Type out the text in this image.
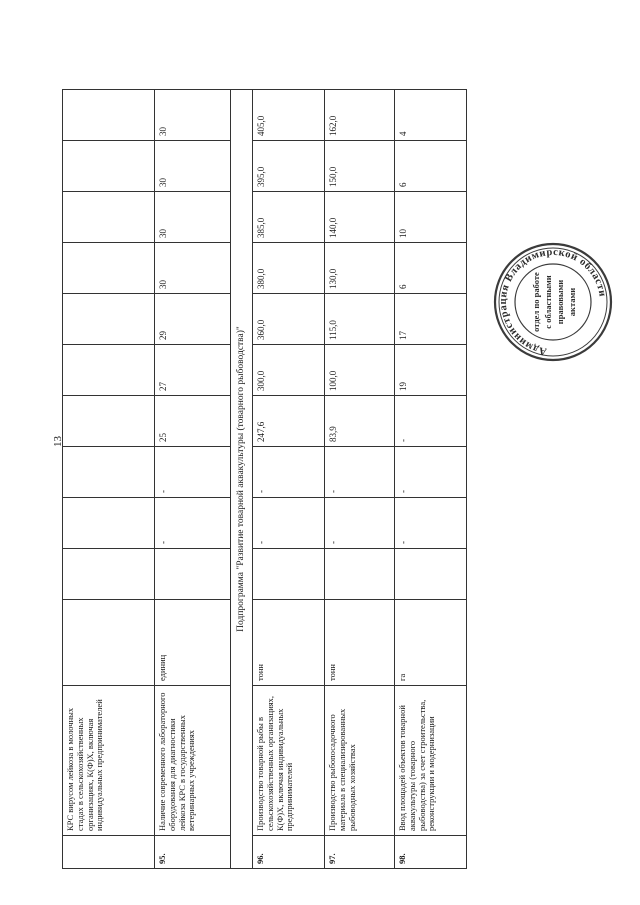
13
	КРС вирусом лейкоза в молочных стадах в сельскохозяйственных организациях, К(Ф)Х, включая индивидуальных предпринимателей											
95.	Наличие современного лабораторного оборудования для диагностики лейкоза КРС в государственных ветеринарных учреждениях	единиц		-	-	25	27	29	30	30	30	30
Подпрограмма "Развитие товарной аквакультуры (товарного рыбоводства)"												
96.	Производство товарной рыбы в сельскохозяйственных организациях, К(Ф)Х, включая индивидуальных предпринимателей	тонн		-	-	247,6	300,0	360,0	380,0	385,0	395,0	405,0
97.	Производство рыбопосадочного материала в специализированных рыбоводных хозяйствах	тонн		-	-	83,9	100,0	115,0	130,0	140,0	150,0	162,0
98.	Ввод площадей объектов товарной аквакультуры (товарного рыбоводства) за счет строительства, реконструкции и модернизации	га		-	-	-	19	17	6	10	6	4
Администрация Владимирской области
отдел по работе с областными правовыми актами
